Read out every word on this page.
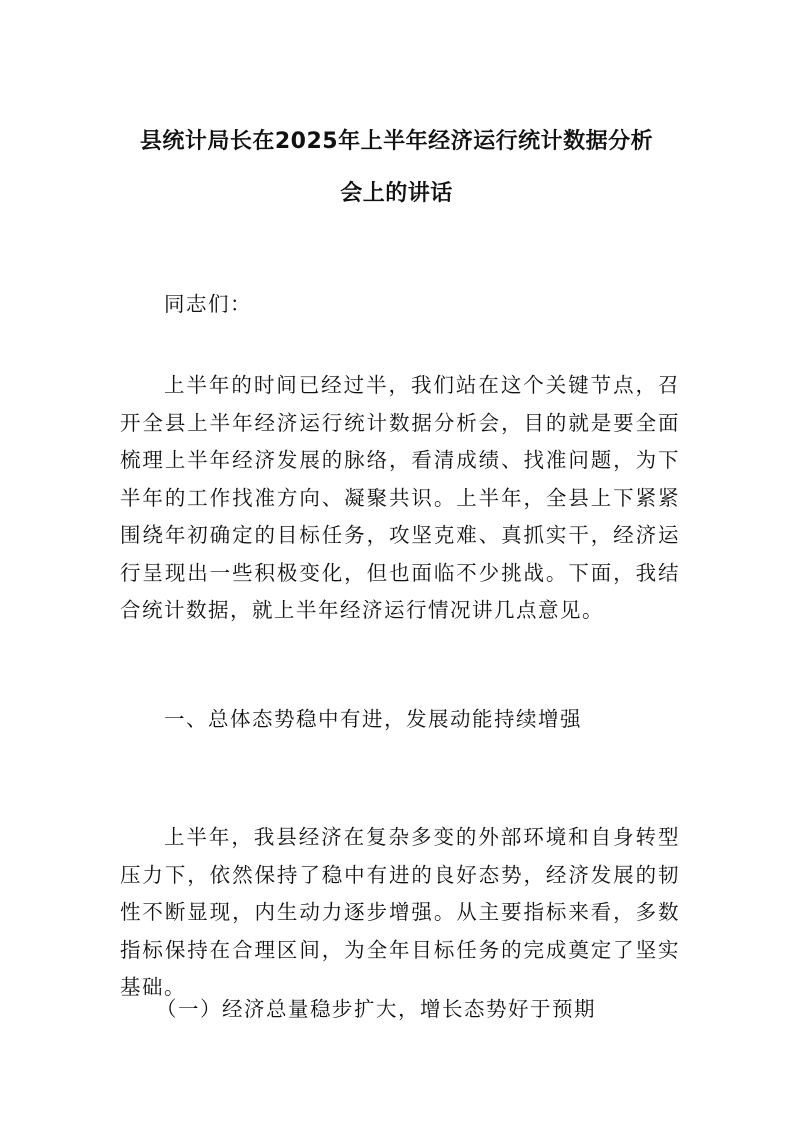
县统计局长在2025年上半年经济运行统计数据分析
会上的讲话

同志们：

上半年的时间已经过半，我们站在这个关键节点，召开全县上半年经济运行统计数据分析会，目的就是要全面梳理上半年经济发展的脉络，看清成绩、找准问题，为下半年的工作找准方向、凝聚共识。上半年，全县上下紧紧围绕年初确定的目标任务，攻坚克难、真抓实干，经济运行呈现出一些积极变化，但也面临不少挑战。下面，我结合统计数据，就上半年经济运行情况讲几点意见。

一、总体态势稳中有进，发展动能持续增强

上半年，我县经济在复杂多变的外部环境和自身转型压力下，依然保持了稳中有进的良好态势，经济发展的韧性不断显现，内生动力逐步增强。从主要指标来看，多数指标保持在合理区间，为全年目标任务的完成奠定了坚实基础。

（一）经济总量稳步扩大，增长态势好于预期
